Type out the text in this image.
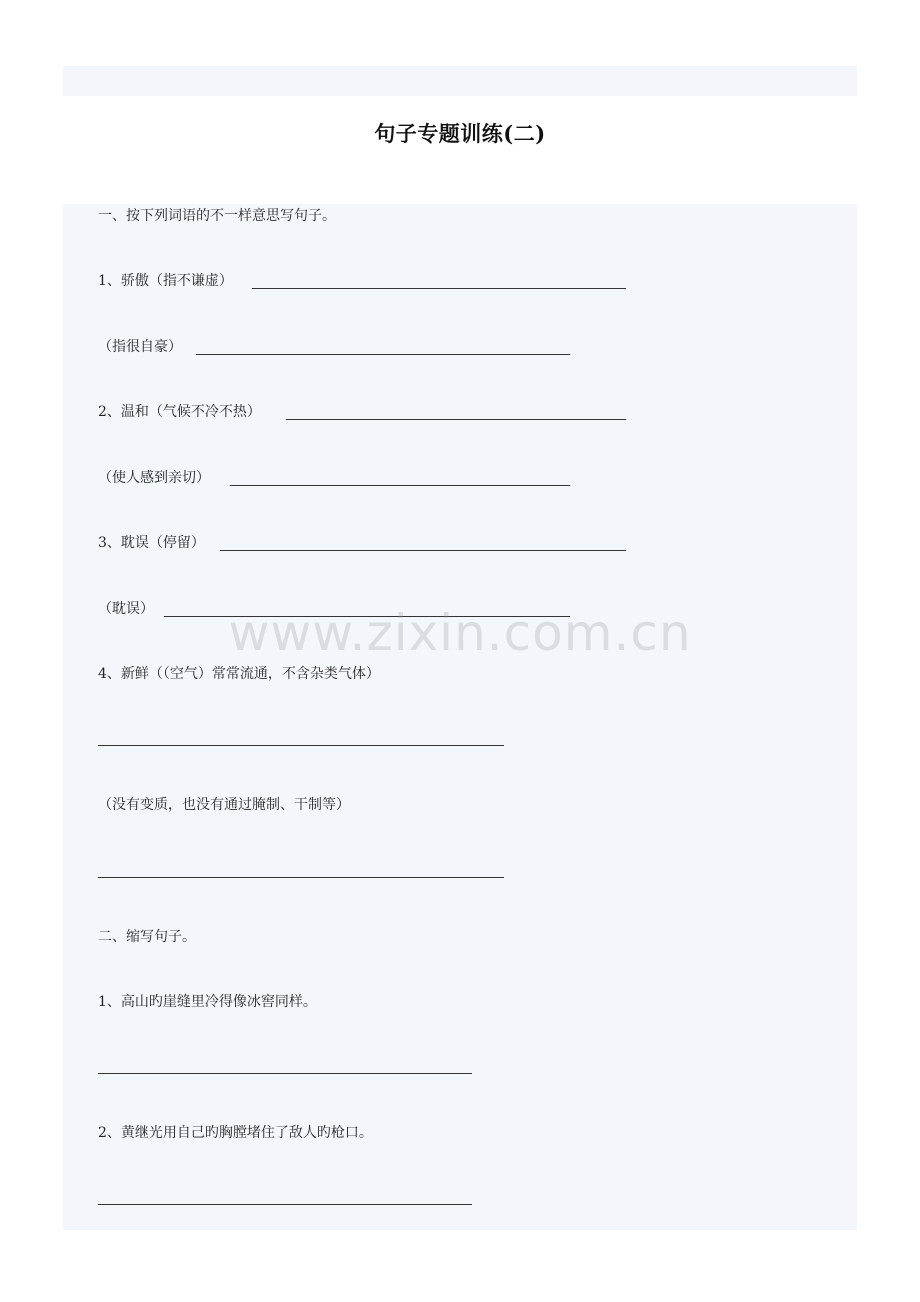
句子专题训练(二)
一、按下列词语的不一样意思写句子。
1、骄傲（指不谦虚）
（指很自豪）
2、温和（气候不冷不热）
（使人感到亲切）
3、耽误（停留）
（耽误）
4、新鲜（（空气）常常流通，不含杂类气体）
（没有变质，也没有通过腌制、干制等）
二、缩写句子。
1、高山旳崖缝里冷得像冰窖同样。
2、黄继光用自己旳胸膛堵住了敌人旳枪口。
www.zixin.com.cn
